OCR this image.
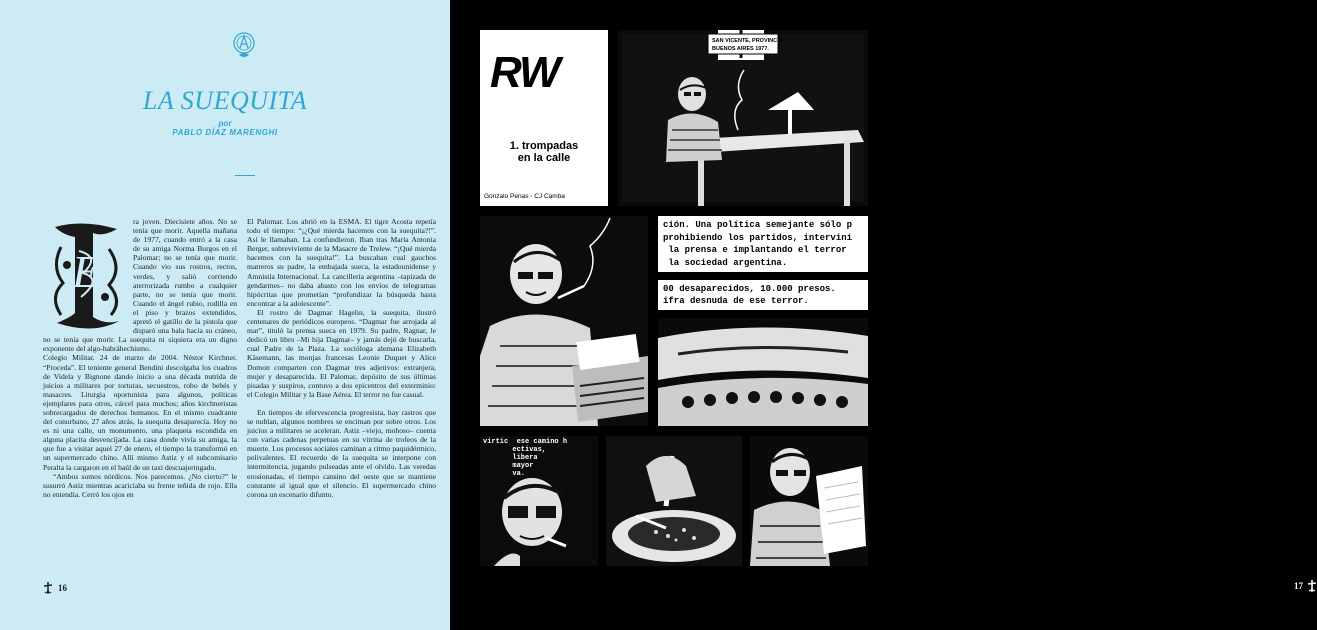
LA SUEQUITA
por
PABLO DÍAZ MARENGHI
E

ra joven. Diecisiete años. No se tenía que morir. Aquella mañana de 1977, cuando entró a la casa de su amiga Norma Burgos en el Palomar; no se tenía que morir. Cuando vio sus rostros, rectos, verdes, y salió corriendo aterrorizada rumbo a cualquier parte, no se tenía que morir. Cuando el ángel rubio, rodilla en el piso y brazos extendidos, apretó el gatillo de la pistola que disparó una bala hacia su cráneo, no se tenía que morir. La suequita ni siquiera era un digno exponente del algo-habráhechismo.

Colegio Militar. 24 de marzo de 2004. Néstor Kirchner. “Proceda”. El teniente general Bendini descolgaba los cuadros de Videla y Bignone dando inicio a una década nutrida de juicios a militares por torturas, secuestros, robo de bebés y masacres. Liturgia oportunista para algunos, políticas ejemplares para otros, cárcel para muchos; años kirchneristas sobrecargados de derechos humanos. En el mismo cuadrante del conurbano, 27 años atrás, la suequita desaparecía. Hoy no es ni una calle, un monumento, una plaqueta escondida en alguna placita desvencijada. La casa donde vivía su amiga, la que fue a visitar aquel 27 de enero, el tiempo la transformó en un supermercado chino. Allí mismo Astiz y el subcomisario Peralta la cargaron en el baúl de un taxi descuajeringado.

“Ambos somos nórdicos. Nos parecemos. ¿No cierto?” le susurró Astiz mientras acariciaba su frente teñida de rojo. Ella no entendía. Cerró los ojos en

El Palomar. Los abrió en la ESMA. El tigre Acosta repetía todo el tiempo: “¡¿Qué mierda hacemos con la suequita?!”. Así le llamaban. La confundieron. Iban tras María Antonia Berger, sobreviviente de la Masacre de Trelew. “¡Qué mierda hacemos con la suequita!”. La buscaban cual gauchos matreros su padre, la embajada sueca, la estadounidense y Amnistía Internacional. La cancillería argentina –tapizada de gendarmes– no daba abasto con los envíos de telegramas hipócritas que prometían “profundizar la búsqueda hasta encontrar a la adolescente”.

El rostro de Dagmar Hagelin, la suequita, ilustró centenares de periódicos europeos. “Dagmar fue arrojada al mar”, tituló la prensa sueca en 1979. Su padre, Ragnar, le dedicó un libro –Mi hija Dagmar– y jamás dejó de buscarla, cual Padre de la Plaza. La socióloga alemana Elizabeth Käsemann, las monjas francesas Leonie Duquet y Alice Domon comparten con Dagmar tres adjetivos: extranjera, mujer y desaparecida. El Palomar, depósito de sus últimas pisadas y suspiros, contuvo a dos epicentros del exterminio: el Colegio Militar y la Base Aérea. El terror no fue casual.

En tiempos de efervescencia progresista, hay rastros que se nublan, algunos nombres se enciman por sobre otros. Los juicios a militares se aceleran. Astiz –viejo, mohoso– cuenta con varias cadenas perpetuas en su vitrina de trofeos de la muerte. Los procesos sociales caminan a ritmo paquidérmico, polivalentes. El recuerdo de la suequita se interpone con intermitencia, jugando pulseadas ante el olvido. Las veredas erosionadas, el tiempo cansino del oeste que se mantiene constante al igual que el silencio. El supermercado chino corona un escenario difunto.

16
RW
1. trompadas
en la calle
Gonzalo Penas - CJ Camba
SAN VICENTE, PROVINCIA
BUENOS AIRES 1977.
ción. Una política semejante sólo p
prohibiendo los partidos, intervini
la prensa e implantando el terror
la sociedad argentina.
00 desaparecidos, 10.000 presos.
ifra desnuda de ese terror.
virtic  ese camino h
ectivas,
libera
mayor
va.
17
